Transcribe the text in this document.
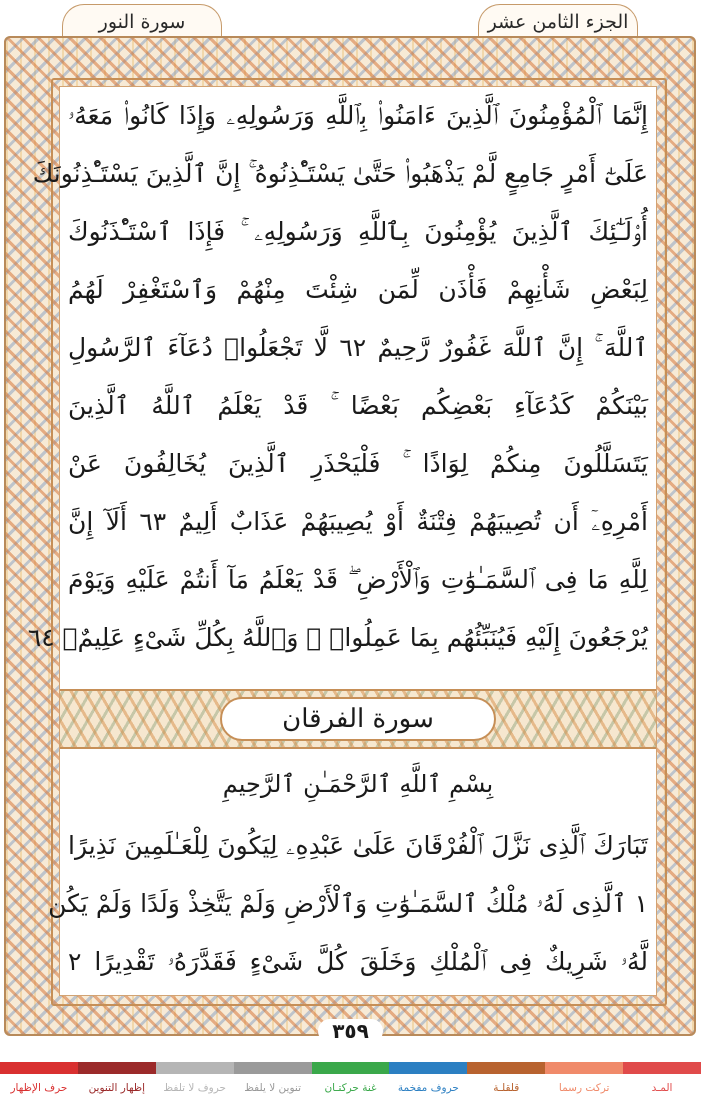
سورة النور	الجزء الثامن عشر
إِنَّمَا ٱلْمُؤْمِنُونَ ٱلَّذِينَ ءَامَنُوا۟ بِٱللَّهِ وَرَسُولِهِۦ وَإِذَا كَانُوا۟ مَعَهُۥ
عَلَىٰٓ أَمْرٍ جَامِعٍ لَّمْ يَذْهَبُوا۟ حَتَّىٰ يَسْتَـْٔذِنُوهُ ۚ إِنَّ ٱلَّذِينَ يَسْتَـْٔذِنُونَكَ
أُو۟لَـٰٓئِكَ ٱلَّذِينَ يُؤْمِنُونَ بِٱللَّهِ وَرَسُولِهِۦ ۚ فَإِذَا ٱسْتَـْٔذَنُوكَ
لِبَعْضِ شَأْنِهِمْ فَأْذَن لِّمَن شِئْتَ مِنْهُمْ وَٱسْتَغْفِرْ لَهُمُ
ٱللَّهَ ۚ إِنَّ ٱللَّهَ غَفُورٌ رَّحِيمٌ ٦٢ لَّا تَجْعَلُوا۟ دُعَآءَ ٱلرَّسُولِ
بَيْنَكُمْ كَدُعَآءِ بَعْضِكُم بَعْضًا ۚ قَدْ يَعْلَمُ ٱللَّهُ ٱلَّذِينَ
يَتَسَلَّلُونَ مِنكُمْ لِوَاذًا ۚ فَلْيَحْذَرِ ٱلَّذِينَ يُخَالِفُونَ عَنْ
أَمْرِهِۦٓ أَن تُصِيبَهُمْ فِتْنَةٌ أَوْ يُصِيبَهُمْ عَذَابٌ أَلِيمٌ ٦٣ أَلَآ إِنَّ
لِلَّهِ مَا فِى ٱلسَّمَـٰوَٰتِ وَٱلْأَرْضِ ۖ قَدْ يَعْلَمُ مَآ أَنتُمْ عَلَيْهِ وَيَوْمَ
يُرْجَعُونَ إِلَيْهِ فَيُنَبِّئُهُم بِمَا عَمِلُوا۟ ۗ وَٱللَّهُ بِكُلِّ شَىْءٍ عَلِيمٌۢ ٦٤
سورة الفرقان
بِسْمِ ٱللَّهِ ٱلرَّحْمَـٰنِ ٱلرَّحِيمِ
تَبَارَكَ ٱلَّذِى نَزَّلَ ٱلْفُرْقَانَ عَلَىٰ عَبْدِهِۦ لِيَكُونَ لِلْعَـٰلَمِينَ نَذِيرًا
١ ٱلَّذِى لَهُۥ مُلْكُ ٱلسَّمَـٰوَٰتِ وَٱلْأَرْضِ وَلَمْ يَتَّخِذْ وَلَدًا وَلَمْ يَكُن
لَّهُۥ شَرِيكٌ فِى ٱلْمُلْكِ وَخَلَقَ كُلَّ شَىْءٍ فَقَدَّرَهُۥ تَقْدِيرًا ٢
٣٥٩
المـد
تركت رسما
قلقلـة
حروف مفخمة
غنة حركتـان
تنوين لا يلفظ
حروف لا تلفظ
إظهار التنوين
حرف الإظهار
